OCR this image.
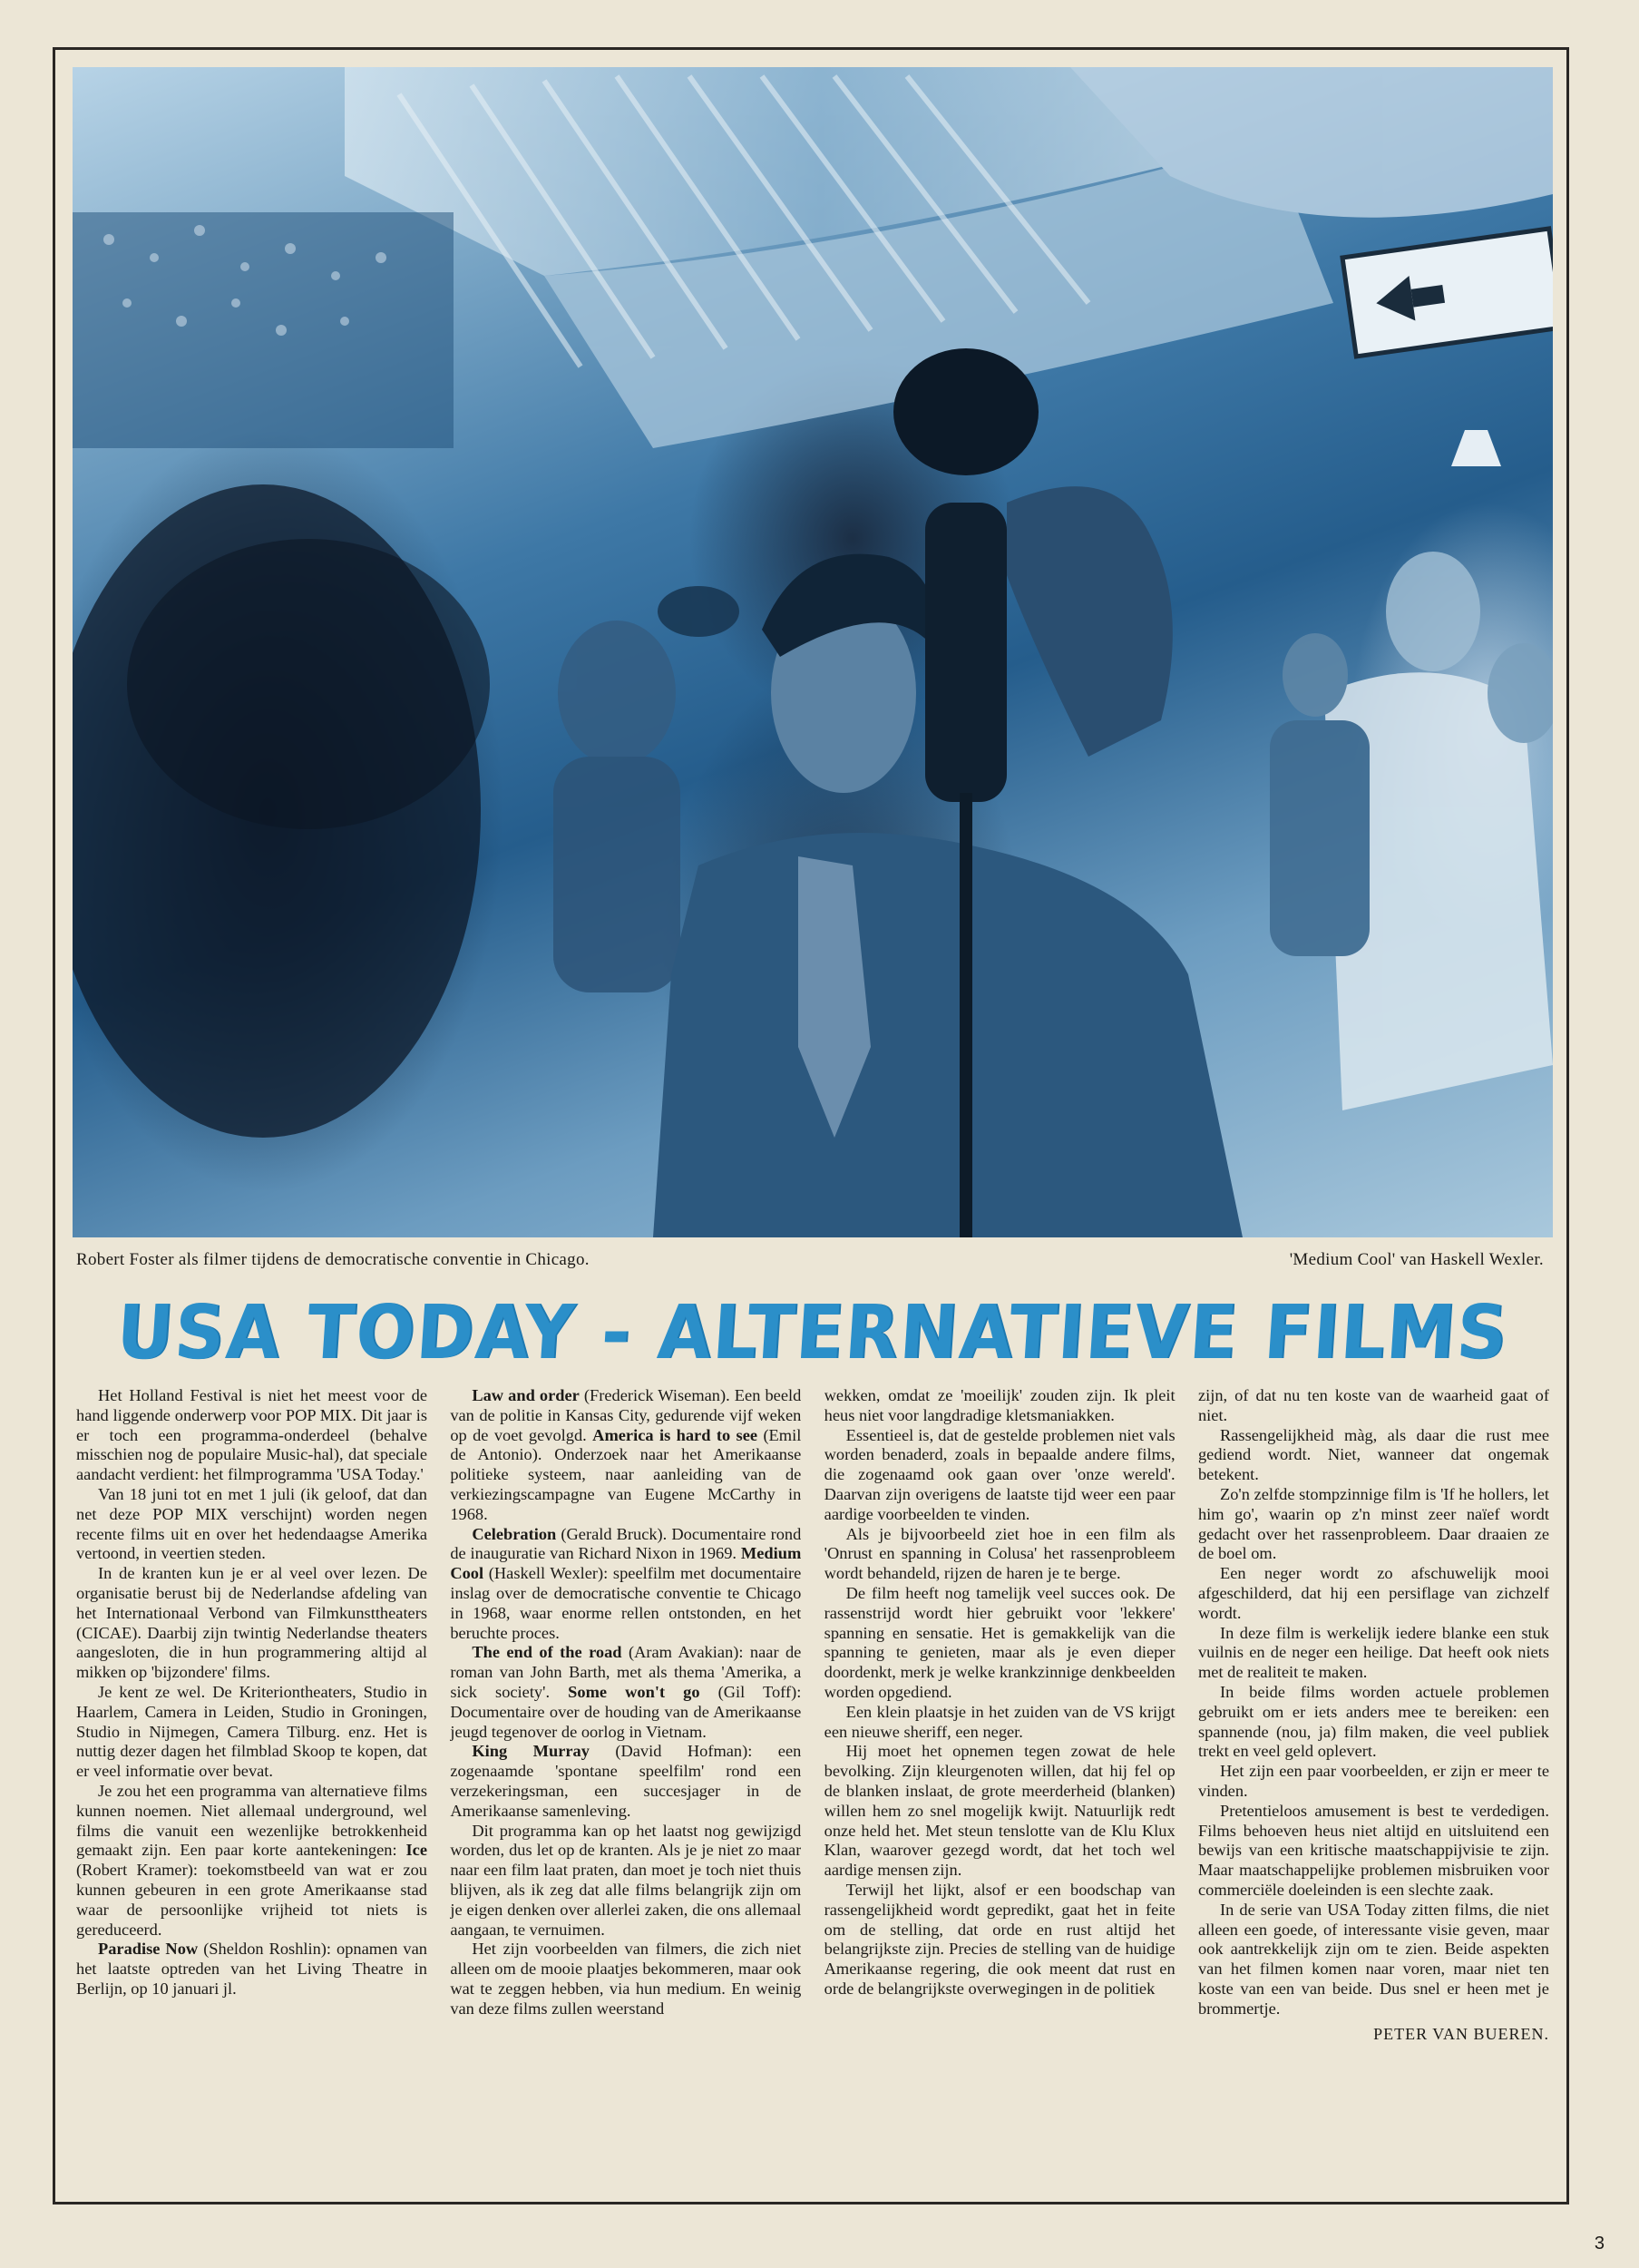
Robert Foster als filmer tijdens de democratische conventie in Chicago.	'Medium Cool' van Haskell Wexler.
USA TODAY - ALTERNATIEVE FILMS

Het Holland Festival is niet het meest voor de hand liggende onderwerp voor POP MIX. Dit jaar is er toch een programma-onderdeel (behalve misschien nog de populaire Music-hal), dat speciale aandacht verdient: het filmprogramma 'USA Today.'

Van 18 juni tot en met 1 juli (ik geloof, dat dan net deze POP MIX verschijnt) worden negen recente films uit en over het hedendaagse Amerika vertoond, in veertien steden.

In de kranten kun je er al veel over lezen. De organisatie berust bij de Nederlandse afdeling van het Internationaal Verbond van Filmkunsttheaters (CICAE). Daarbij zijn twintig Nederlandse theaters aangesloten, die in hun programmering altijd al mikken op 'bijzondere' films.

Je kent ze wel. De Kriteriontheaters, Studio in Haarlem, Camera in Leiden, Studio in Groningen, Studio in Nijmegen, Camera Tilburg. enz. Het is nuttig dezer dagen het filmblad Skoop te kopen, dat er veel informatie over bevat.

Je zou het een programma van alternatieve films kunnen noemen. Niet allemaal underground, wel films die vanuit een wezenlijke betrokkenheid gemaakt zijn. Een paar korte aantekeningen: Ice (Robert Kramer): toekomstbeeld van wat er zou kunnen gebeuren in een grote Amerikaanse stad waar de persoonlijke vrijheid tot niets is gereduceerd.

Paradise Now (Sheldon Roshlin): opnamen van het laatste optreden van het Living Theatre in Berlijn, op 10 januari jl.

Law and order (Frederick Wiseman). Een beeld van de politie in Kansas City, gedurende vijf weken op de voet gevolgd. America is hard to see (Emil de Antonio). Onderzoek naar het Amerikaanse politieke systeem, naar aanleiding van de verkiezingscampagne van Eugene McCarthy in 1968.

Celebration (Gerald Bruck). Documentaire rond de inauguratie van Richard Nixon in 1969. Medium Cool (Haskell Wexler): speelfilm met documentaire inslag over de democratische conventie te Chicago in 1968, waar enorme rellen ontstonden, en het beruchte proces.

The end of the road (Aram Avakian): naar de roman van John Barth, met als thema 'Amerika, a sick society'. Some won't go (Gil Toff): Documentaire over de houding van de Amerikaanse jeugd tegenover de oorlog in Vietnam.

King Murray (David Hofman): een zogenaamde 'spontane speelfilm' rond een verzekeringsman, een succesjager in de Amerikaanse samenleving.

Dit programma kan op het laatst nog gewijzigd worden, dus let op de kranten. Als je je niet zo maar naar een film laat praten, dan moet je toch niet thuis blijven, als ik zeg dat alle films belangrijk zijn om je eigen denken over allerlei zaken, die ons allemaal aangaan, te vernuimen.

Het zijn voorbeelden van filmers, die zich niet alleen om de mooie plaatjes bekommeren, maar ook wat te zeggen hebben, via hun medium. En weinig van deze films zullen weerstand

wekken, omdat ze 'moeilijk' zouden zijn. Ik pleit heus niet voor langdradige kletsmaniakken.

Essentieel is, dat de gestelde problemen niet vals worden benaderd, zoals in bepaalde andere films, die zogenaamd ook gaan over 'onze wereld'. Daarvan zijn overigens de laatste tijd weer een paar aardige voorbeelden te vinden.

Als je bijvoorbeeld ziet hoe in een film als 'Onrust en spanning in Colusa' het rassenprobleem wordt behandeld, rijzen de haren je te berge.

De film heeft nog tamelijk veel succes ook. De rassenstrijd wordt hier gebruikt voor 'lekkere' spanning en sensatie. Het is gemakkelijk van die spanning te genieten, maar als je even dieper doordenkt, merk je welke krankzinnige denkbeelden worden opgediend.

Een klein plaatsje in het zuiden van de VS krijgt een nieuwe sheriff, een neger.

Hij moet het opnemen tegen zowat de hele bevolking. Zijn kleurgenoten willen, dat hij fel op de blanken inslaat, de grote meerderheid (blanken) willen hem zo snel mogelijk kwijt. Natuurlijk redt onze held het. Met steun tenslotte van de Klu Klux Klan, waarover gezegd wordt, dat het toch wel aardige mensen zijn.

Terwijl het lijkt, alsof er een boodschap van rassengelijkheid wordt gepredikt, gaat het in feite om de stelling, dat orde en rust altijd het belangrijkste zijn. Precies de stelling van de huidige Amerikaanse regering, die ook meent dat rust en orde de belangrijkste overwegingen in de politiek

zijn, of dat nu ten koste van de waarheid gaat of niet.

Rassengelijkheid màg, als daar die rust mee gediend wordt. Niet, wanneer dat ongemak betekent.

Zo'n zelfde stompzinnige film is 'If he hollers, let him go', waarin op z'n minst zeer naïef wordt gedacht over het rassenprobleem. Daar draaien ze de boel om.

Een neger wordt zo afschuwelijk mooi afgeschilderd, dat hij een persiflage van zichzelf wordt.

In deze film is werkelijk iedere blanke een stuk vuilnis en de neger een heilige. Dat heeft ook niets met de realiteit te maken.

In beide films worden actuele problemen gebruikt om er iets anders mee te bereiken: een spannende (nou, ja) film maken, die veel publiek trekt en veel geld oplevert.

Het zijn een paar voorbeelden, er zijn er meer te vinden.

Pretentieloos amusement is best te verdedigen. Films behoeven heus niet altijd en uitsluitend een bewijs van een kritische maatschappijvisie te zijn. Maar maatschappelijke problemen misbruiken voor commerciële doeleinden is een slechte zaak.

In de serie van USA Today zitten films, die niet alleen een goede, of interessante visie geven, maar ook aantrekkelijk zijn om te zien. Beide aspekten van het filmen komen naar voren, maar niet ten koste van een van beide. Dus snel er heen met je brommertje.

PETER VAN BUEREN.
3
